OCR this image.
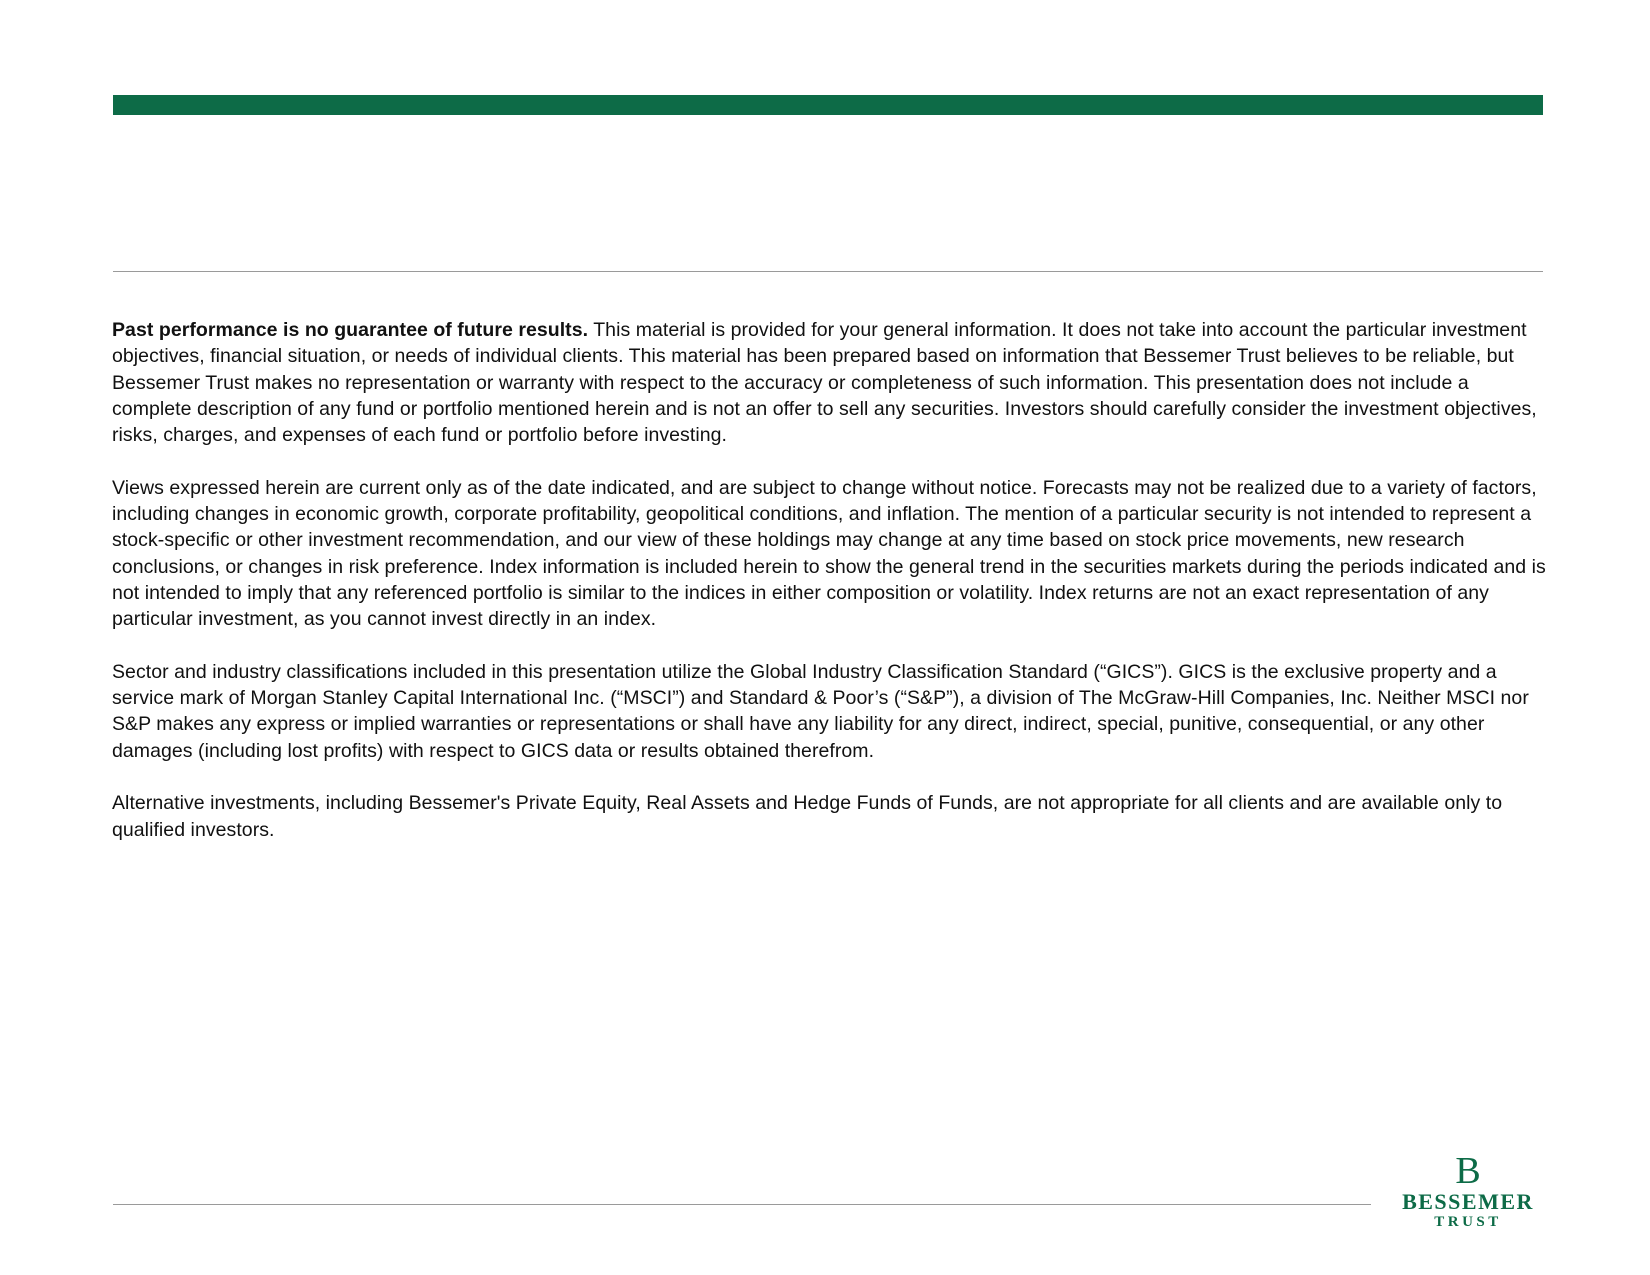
Past performance is no guarantee of future results. This material is provided for your general information. It does not take into account the particular investment objectives, financial situation, or needs of individual clients. This material has been prepared based on information that Bessemer Trust believes to be reliable, but Bessemer Trust makes no representation or warranty with respect to the accuracy or completeness of such information. This presentation does not include a complete description of any fund or portfolio mentioned herein and is not an offer to sell any securities. Investors should carefully consider the investment objectives, risks, charges, and expenses of each fund or portfolio before investing.

Views expressed herein are current only as of the date indicated, and are subject to change without notice. Forecasts may not be realized due to a variety of factors, including changes in economic growth, corporate profitability, geopolitical conditions, and inflation. The mention of a particular security is not intended to represent a stock-specific or other investment recommendation, and our view of these holdings may change at any time based on stock price movements, new research conclusions, or changes in risk preference. Index information is included herein to show the general trend in the securities markets during the periods indicated and is not intended to imply that any referenced portfolio is similar to the indices in either composition or volatility. Index returns are not an exact representation of any particular investment, as you cannot invest directly in an index.

Sector and industry classifications included in this presentation utilize the Global Industry Classification Standard (“GICS”). GICS is the exclusive property and a service mark of Morgan Stanley Capital International Inc. (“MSCI”) and Standard & Poor’s (“S&P”), a division of The McGraw-Hill Companies, Inc. Neither MSCI nor S&P makes any express or implied warranties or representations or shall have any liability for any direct, indirect, special, punitive, consequential, or any other damages (including lost profits) with respect to GICS data or results obtained therefrom.

Alternative investments, including Bessemer's Private Equity, Real Assets and Hedge Funds of Funds, are not appropriate for all clients and are available only to qualified investors.

B
BESSEMER
TRUST
